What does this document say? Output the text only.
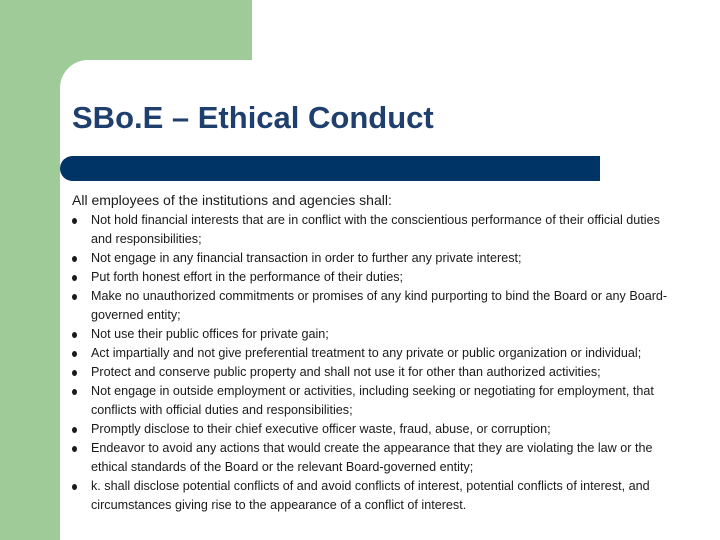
SBo.E – Ethical Conduct
All employees of the institutions and agencies shall:
Not hold financial interests that are in conflict with the conscientious performance of their official duties and responsibilities;
Not engage in any financial transaction in order to further any private interest;
Put forth honest effort in the performance of their duties;
Make no unauthorized commitments or promises of any kind purporting to bind the Board or any Board-governed entity;
Not use their public offices for private gain;
Act impartially and not give preferential treatment to any private or public organization or individual;
Protect and conserve public property and shall not use it for other than authorized activities;
Not engage in outside employment or activities, including seeking or negotiating for employment, that conflicts with official duties and responsibilities;
Promptly disclose to their chief executive officer waste, fraud, abuse, or corruption;
Endeavor to avoid any actions that would create the appearance that they are violating the law or the ethical standards of the Board or the relevant Board-governed entity;
k. shall disclose potential conflicts of and avoid conflicts of interest, potential conflicts of interest, and circumstances giving rise to the appearance of a conflict of interest.
